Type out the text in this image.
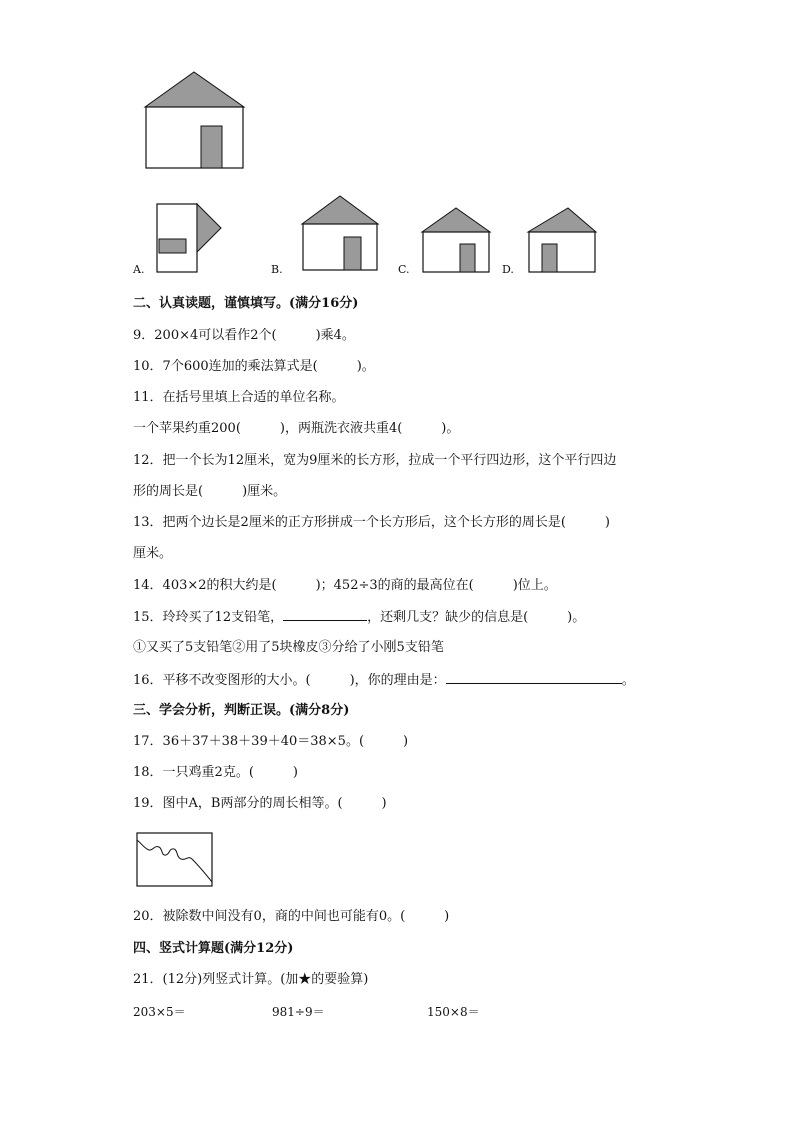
A.	B.	C.	D.
二、认真读题，谨慎填写。(满分16分)
9．200×4可以看作2个(　　　)乘4。
10．7个600连加的乘法算式是(　　　)。
11．在括号里填上合适的单位名称。
一个苹果约重200(　　　)，两瓶洗衣液共重4(　　　)。
12．把一个长为12厘米，宽为9厘米的长方形，拉成一个平行四边形，这个平行四边
形的周长是(　　　)厘米。
13．把两个边长是2厘米的正方形拼成一个长方形后，这个长方形的周长是(　　　)
厘米。
14．403×2的积大约是(　　　)；452÷3的商的最高位在(　　　)位上。
15．玲玲买了12支铅笔，	，还剩几支？缺少的信息是(　　　)。
①又买了5支铅笔②用了5块橡皮③分给了小刚5支铅笔
16．平移不改变图形的大小。(　　　)，你的理由是：	。
三、学会分析，判断正误。(满分8分)
17．36＋37＋38＋39＋40＝38×5。(　　　)
18．一只鸡重2克。(　　　)
19．图中A，B两部分的周长相等。(　　　)
20．被除数中间没有0，商的中间也可能有0。(　　　)
四、竖式计算题(满分12分)
21．(12分)列竖式计算。(加★的要验算)
203×5＝	981÷9＝	150×8＝
